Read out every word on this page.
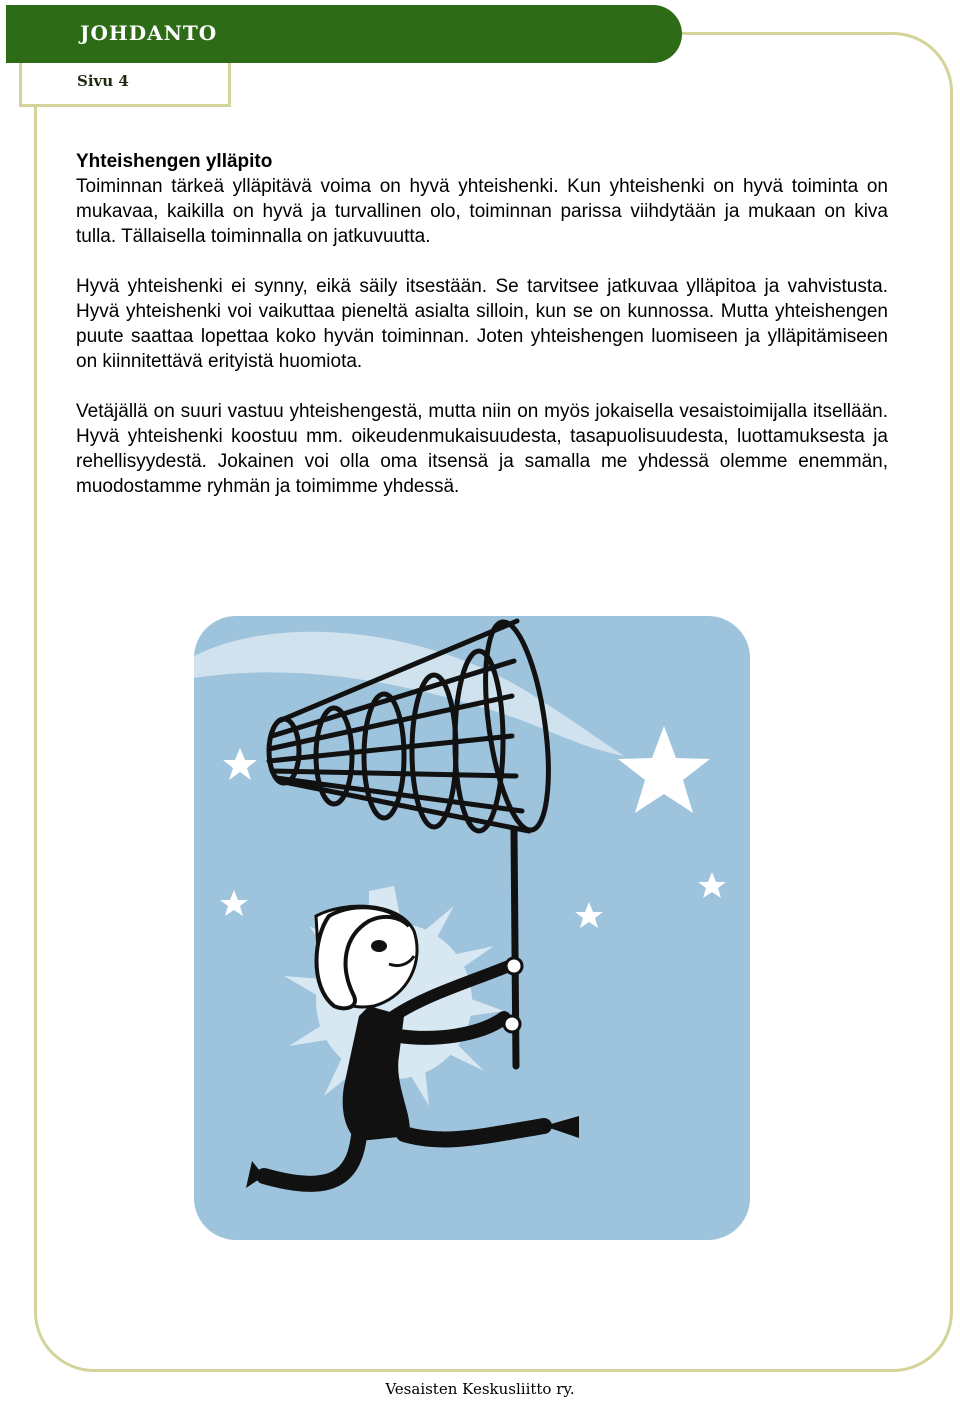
JOHDANTO
Sivu 4

Yhteishengen ylläpito

Toiminnan tärkeä ylläpitävä voima on hyvä yhteishenki. Kun yhteishenki on hyvä toiminta on mukavaa, kaikilla on hyvä ja turvallinen olo, toiminnan parissa viihdytään ja mukaan on kiva tulla. Tällaisella toiminnalla on jatkuvuutta.

Hyvä yhteishenki ei synny, eikä säily itsestään. Se tarvitsee jatkuvaa ylläpitoa ja vahvistusta. Hyvä yhteishenki voi vaikuttaa pieneltä asialta silloin, kun se on kunnossa. Mutta yhteishengen puute saattaa lopettaa koko hyvän toiminnan. Joten yhteishengen luomiseen ja ylläpitämiseen on kiinnitettävä erityistä huomiota.

Vetäjällä on suuri vastuu yhteishengestä, mutta niin on myös jokaisella vesaistoimijalla itsellään. Hyvä yhteishenki koostuu mm. oikeudenmukaisuudesta, tasapuolisuudesta, luottamuksesta ja rehellisyydestä. Jokainen voi olla oma itsensä ja samalla me yhdessä olemme enemmän, muodostamme ryhmän ja toimimme yhdessä.

Vesaisten Keskusliitto ry.
